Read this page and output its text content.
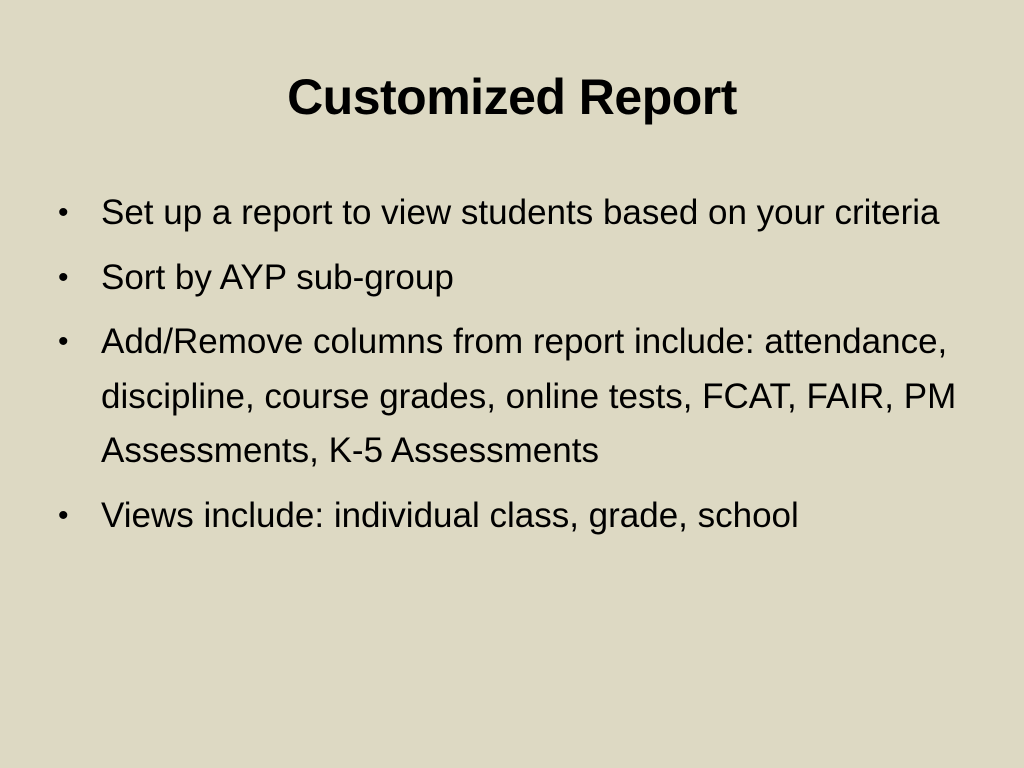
Customized Report
• Set up a report to view students based on your criteria
• Sort by AYP sub-group
• Add/Remove columns from report include: attendance, discipline, course grades, online tests, FCAT, FAIR, PM Assessments, K-5 Assessments
• Views include: individual class, grade, school
